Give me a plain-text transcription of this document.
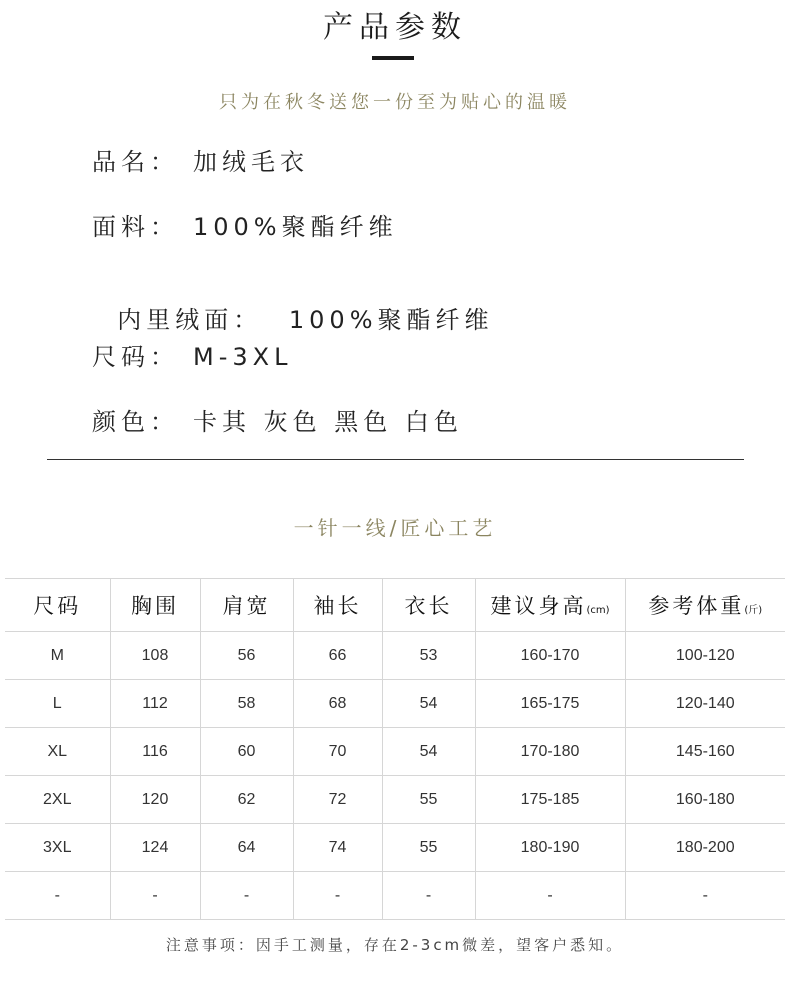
产品参数
只为在秋冬送您一份至为贴心的温暖
品名： 加绒毛衣
面料： 100%聚酯纤维

内里绒面： 100%聚酯纤维

尺码： M-3XL
颜色： 卡其 灰色 黑色 白色
一针一线/匠心工艺
尺码	胸围	肩宽	袖长	衣长	建议身高(cm)	参考体重(斤)
M	108	56	66	53	160-170	100-120
L	112	58	68	54	165-175	120-140
XL	116	60	70	54	170-180	145-160
2XL	120	62	72	55	175-185	160-180
3XL	124	64	74	55	180-190	180-200
-	-	-	-	-	-	-
注意事项：因手工测量，存在2-3cm微差，望客户悉知。
